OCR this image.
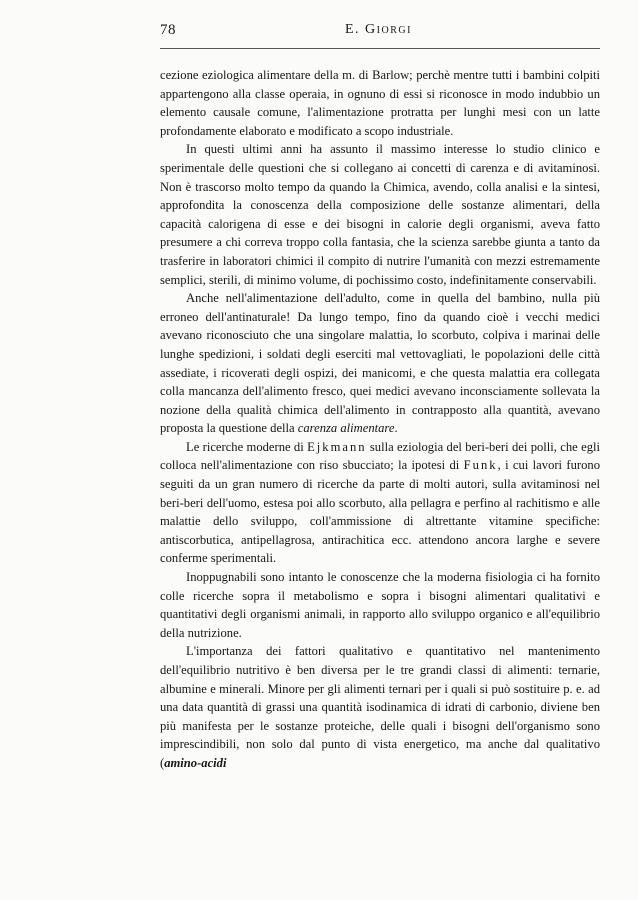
78	E. Giorgi

cezione eziologica alimentare della m. di Barlow; perchè mentre tutti i bambini colpiti appartengono alla classe operaia, in ognuno di essi si riconosce in modo indubbio un elemento causale comune, l'alimentazione protratta per lunghi mesi con un latte profondamente elaborato e modificato a scopo industriale.

In questi ultimi anni ha assunto il massimo interesse lo studio clinico e sperimentale delle questioni che si collegano ai concetti di carenza e di avitaminosi. Non è trascorso molto tempo da quando la Chimica, avendo, colla analisi e la sintesi, approfondita la conoscenza della composizione delle sostanze alimentari, della capacità calorigena di esse e dei bisogni in calorie degli organismi, aveva fatto presumere a chi correva troppo colla fantasia, che la scienza sarebbe giunta a tanto da trasferire in laboratori chimici il compito di nutrire l'umanità con mezzi estremamente semplici, sterili, di minimo volume, di pochissimo costo, indefinitamente conservabili.

Anche nell'alimentazione dell'adulto, come in quella del bambino, nulla più erroneo dell'antinaturale! Da lungo tempo, fino da quando cioè i vecchi medici avevano riconosciuto che una singolare malattia, lo scorbuto, colpiva i marinai delle lunghe spedizioni, i soldati degli eserciti mal vettovagliati, le popolazioni delle città assediate, i ricoverati degli ospizi, dei manicomi, e che questa malattia era collegata colla mancanza dell'alimento fresco, quei medici avevano inconsciamente sollevata la nozione della qualità chimica dell'alimento in contrapposto alla quantità, avevano proposta la questione della carenza alimentare.

Le ricerche moderne di Ejkmann sulla eziologia del beri-beri dei polli, che egli colloca nell'alimentazione con riso sbucciato; la ipotesi di Funk, i cui lavori furono seguiti da un gran numero di ricerche da parte di molti autori, sulla avitaminosi nel beri-beri dell'uomo, estesa poi allo scorbuto, alla pellagra e perfino al rachitismo e alle malattie dello sviluppo, coll'ammissione di altrettante vitamine specifiche: antiscorbutica, antipellagrosa, antirachitica ecc. attendono ancora larghe e severe conferme sperimentali.

Inoppugnabili sono intanto le conoscenze che la moderna fisiologia ci ha fornito colle ricerche sopra il metabolismo e sopra i bisogni alimentari qualitativi e quantitativi degli organismi animali, in rapporto allo sviluppo organico e all'equilibrio della nutrizione.

L'importanza dei fattori qualitativo e quantitativo nel mantenimento dell'equilibrio nutritivo è ben diversa per le tre grandi classi di alimenti: ternarie, albumine e minerali. Minore per gli alimenti ternari per i quali si può sostituire p. e. ad una data quantità di grassi una quantità isodinamica di idrati di carbonio, diviene ben più manifesta per le sostanze proteiche, delle quali i bisogni dell'organismo sono imprescindibili, non solo dal punto di vista energetico, ma anche dal qualitativo (amino-acidi
